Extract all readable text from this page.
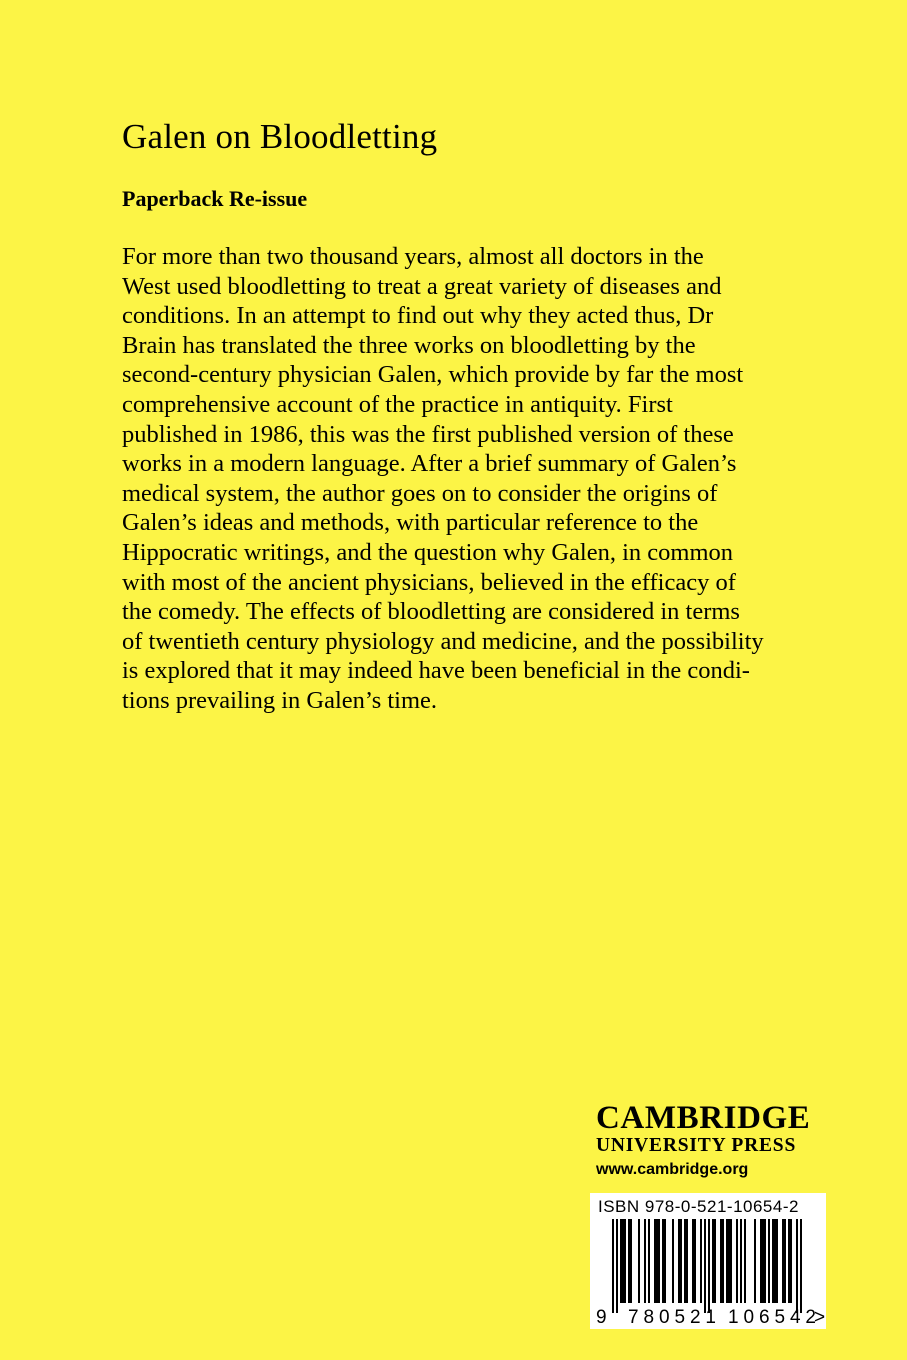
Galen on Bloodletting
Paperback Re-issue
For more than two thousand years, almost all doctors in the
West used bloodletting to treat a great variety of diseases and
conditions. In an attempt to find out why they acted thus, Dr
Brain has translated the three works on bloodletting by the
second-century physician Galen, which provide by far the most
comprehensive account of the practice in antiquity. First
published in 1986, this was the first published version of these
works in a modern language. After a brief summary of Galen’s
medical system, the author goes on to consider the origins of
Galen’s ideas and methods, with particular reference to the
Hippocratic writings, and the question why Galen, in common
with most of the ancient physicians, believed in the efficacy of
the comedy. The effects of bloodletting are considered in terms
of twentieth century physiology and medicine, and the possibility
is explored that it may indeed have been beneficial in the condi-
tions prevailing in Galen’s time.
CAMBRIDGE
UNIVERSITY PRESS
www.cambridge.org
ISBN 978-0-521-10654-2
9 780521 106542
>
